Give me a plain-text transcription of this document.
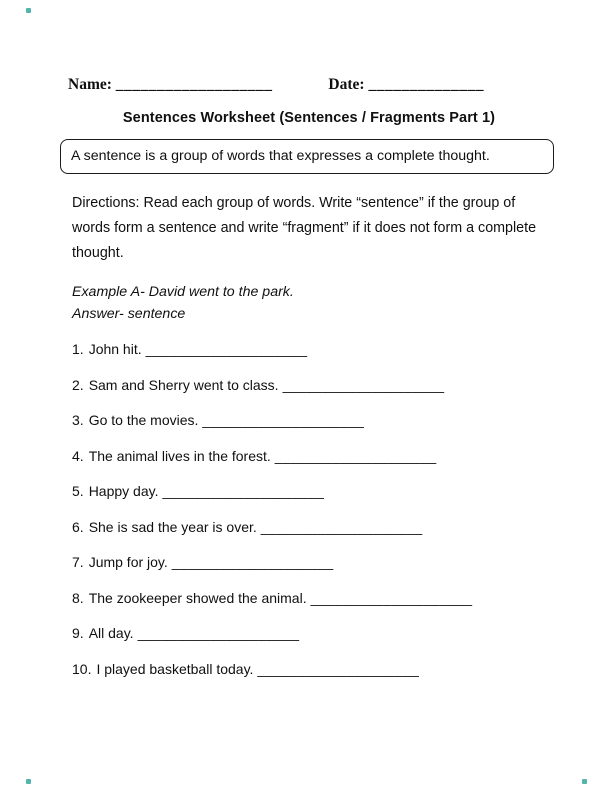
Name: ___________________	Date: ______________
Sentences Worksheet (Sentences / Fragments Part 1)
A sentence is a group of words that expresses a complete thought.

Directions: Read each group of words. Write “sentence” if the group of words form a sentence and write “fragment” if it does not form a complete thought.

Example A- David went to the park.
Answer- sentence
1. John hit. ____________________
2. Sam and Sherry went to class. ____________________
3. Go to the movies. ____________________
4. The animal lives in the forest. ____________________
5. Happy day. ____________________
6. She is sad the year is over. ____________________
7. Jump for joy. ____________________
8. The zookeeper showed the animal. ____________________
9. All day. ____________________
10. I played basketball today. ____________________
